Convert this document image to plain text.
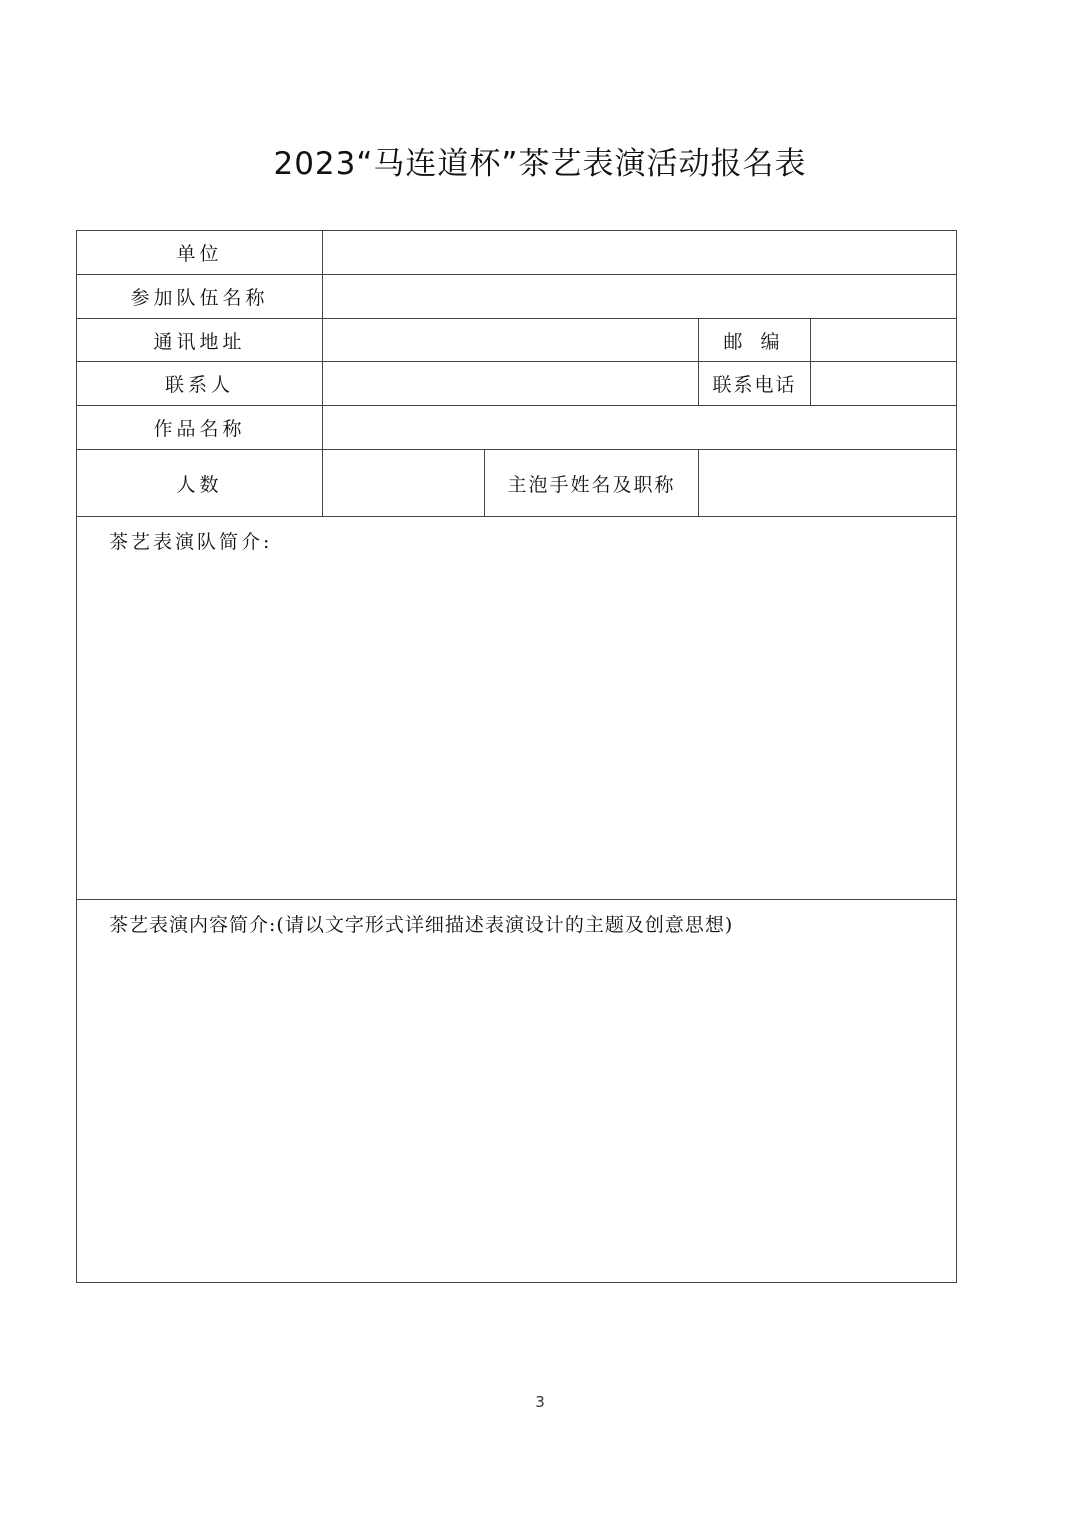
2023“马连道杯”茶艺表演活动报名表
单位				
参加队伍名称				
通讯地址			邮 编	
联系人			联系电话	
作品名称				
人数		主泡手姓名及职称		

茶艺表演队简介:				

茶艺表演内容简介:(请以文字形式详细描述表演设计的主题及创意思想)				
3
